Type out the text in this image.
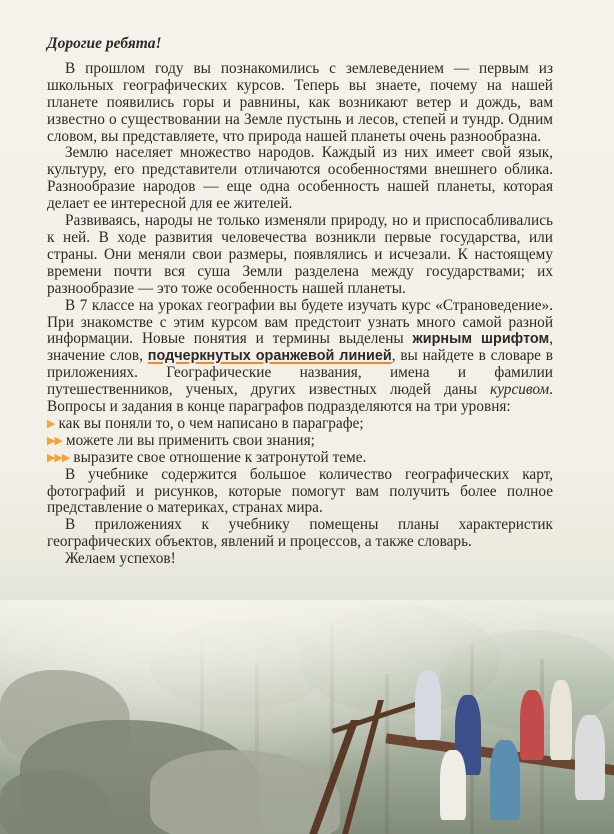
Дорогие ребята!

В прошлом году вы познакомились с землеведением — первым из школьных географических курсов. Теперь вы знаете, почему на нашей планете появились горы и равнины, как возникают ветер и дождь, вам известно о существовании на Земле пустынь и лесов, степей и тундр. Одним словом, вы представляете, что природа нашей планеты очень разнообразна.

Землю населяет множество народов. Каждый из них имеет свой язык, культуру, его представители отличаются особенностями внешнего облика. Разнообразие народов — еще одна особенность нашей планеты, которая делает ее интересной для ее жителей.

Развиваясь, народы не только изменяли природу, но и приспосабливались к ней. В ходе развития человечества возникли первые государства, или страны. Они меняли свои размеры, появлялись и исчезали. К настоящему времени почти вся суша Земли разделена между государствами; их разнообразие — это тоже особенность нашей планеты.

В 7 классе на уроках географии вы будете изучать курс «Страноведение». При знакомстве с этим курсом вам предстоит узнать много самой разной информации. Новые понятия и термины выделены жирным шрифтом, значение слов, подчеркнутых оранжевой линией, вы найдете в словаре в приложениях. Географические названия, имена и фамилии путешественников, ученых, других известных людей даны курсивом. Вопросы и задания в конце параграфов подразделяются на три уровня:

▶ как вы поняли то, о чем написано в параграфе;
▶▶ можете ли вы применить свои знания;
▶▶▶ выразите свое отношение к затронутой теме.

В учебнике содержится большое количество географических карт, фотографий и рисунков, которые помогут вам получить более полное представление о материках, странах мира.

В приложениях к учебнику помещены планы характеристик географических объектов, явлений и процессов, а также словарь.

Желаем успехов!
